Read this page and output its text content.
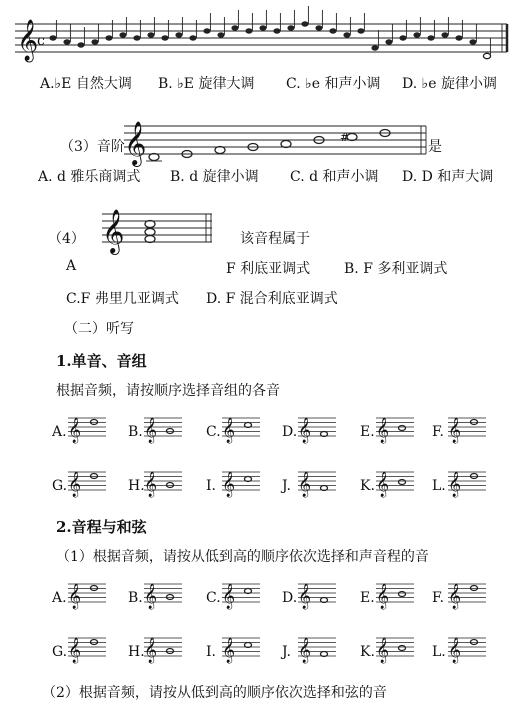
𝄞
c
A.♭E 自然大调 B. ♭E 旋律大调 C. ♭e 和声小调 D. ♭e 旋律小调
（3）音阶 𝄞	#
是
A. d 雅乐商调式 B. d 旋律小调 C. d 和声小调 D. D 和声大调
（4） 𝄞	该音程属于
A	F 利底亚调式 B. F 多利亚调式
C.F 弗里几亚调式 D. F 混合利底亚调式
（二）听写
1.单音、音组
根据音频，请按顺序选择音组的各音
A. 𝄞	B. 𝄞	C. 𝄞	D. 𝄞	E. 𝄞	F. 𝄞
G. 𝄞	H. 𝄞	I. 𝄞	J. 𝄞	K. 𝄞	L. 𝄞
2.音程与和弦
（1）根据音频，请按从低到高的顺序依次选择和声音程的音
A. 𝄞	B. 𝄞	C. 𝄞	D. 𝄞	E. 𝄞	F. 𝄞
G. 𝄞	H. 𝄞	I. 𝄞	J. 𝄞	K. 𝄞	L. 𝄞
（2）根据音频，请按从低到高的顺序依次选择和弦的音
